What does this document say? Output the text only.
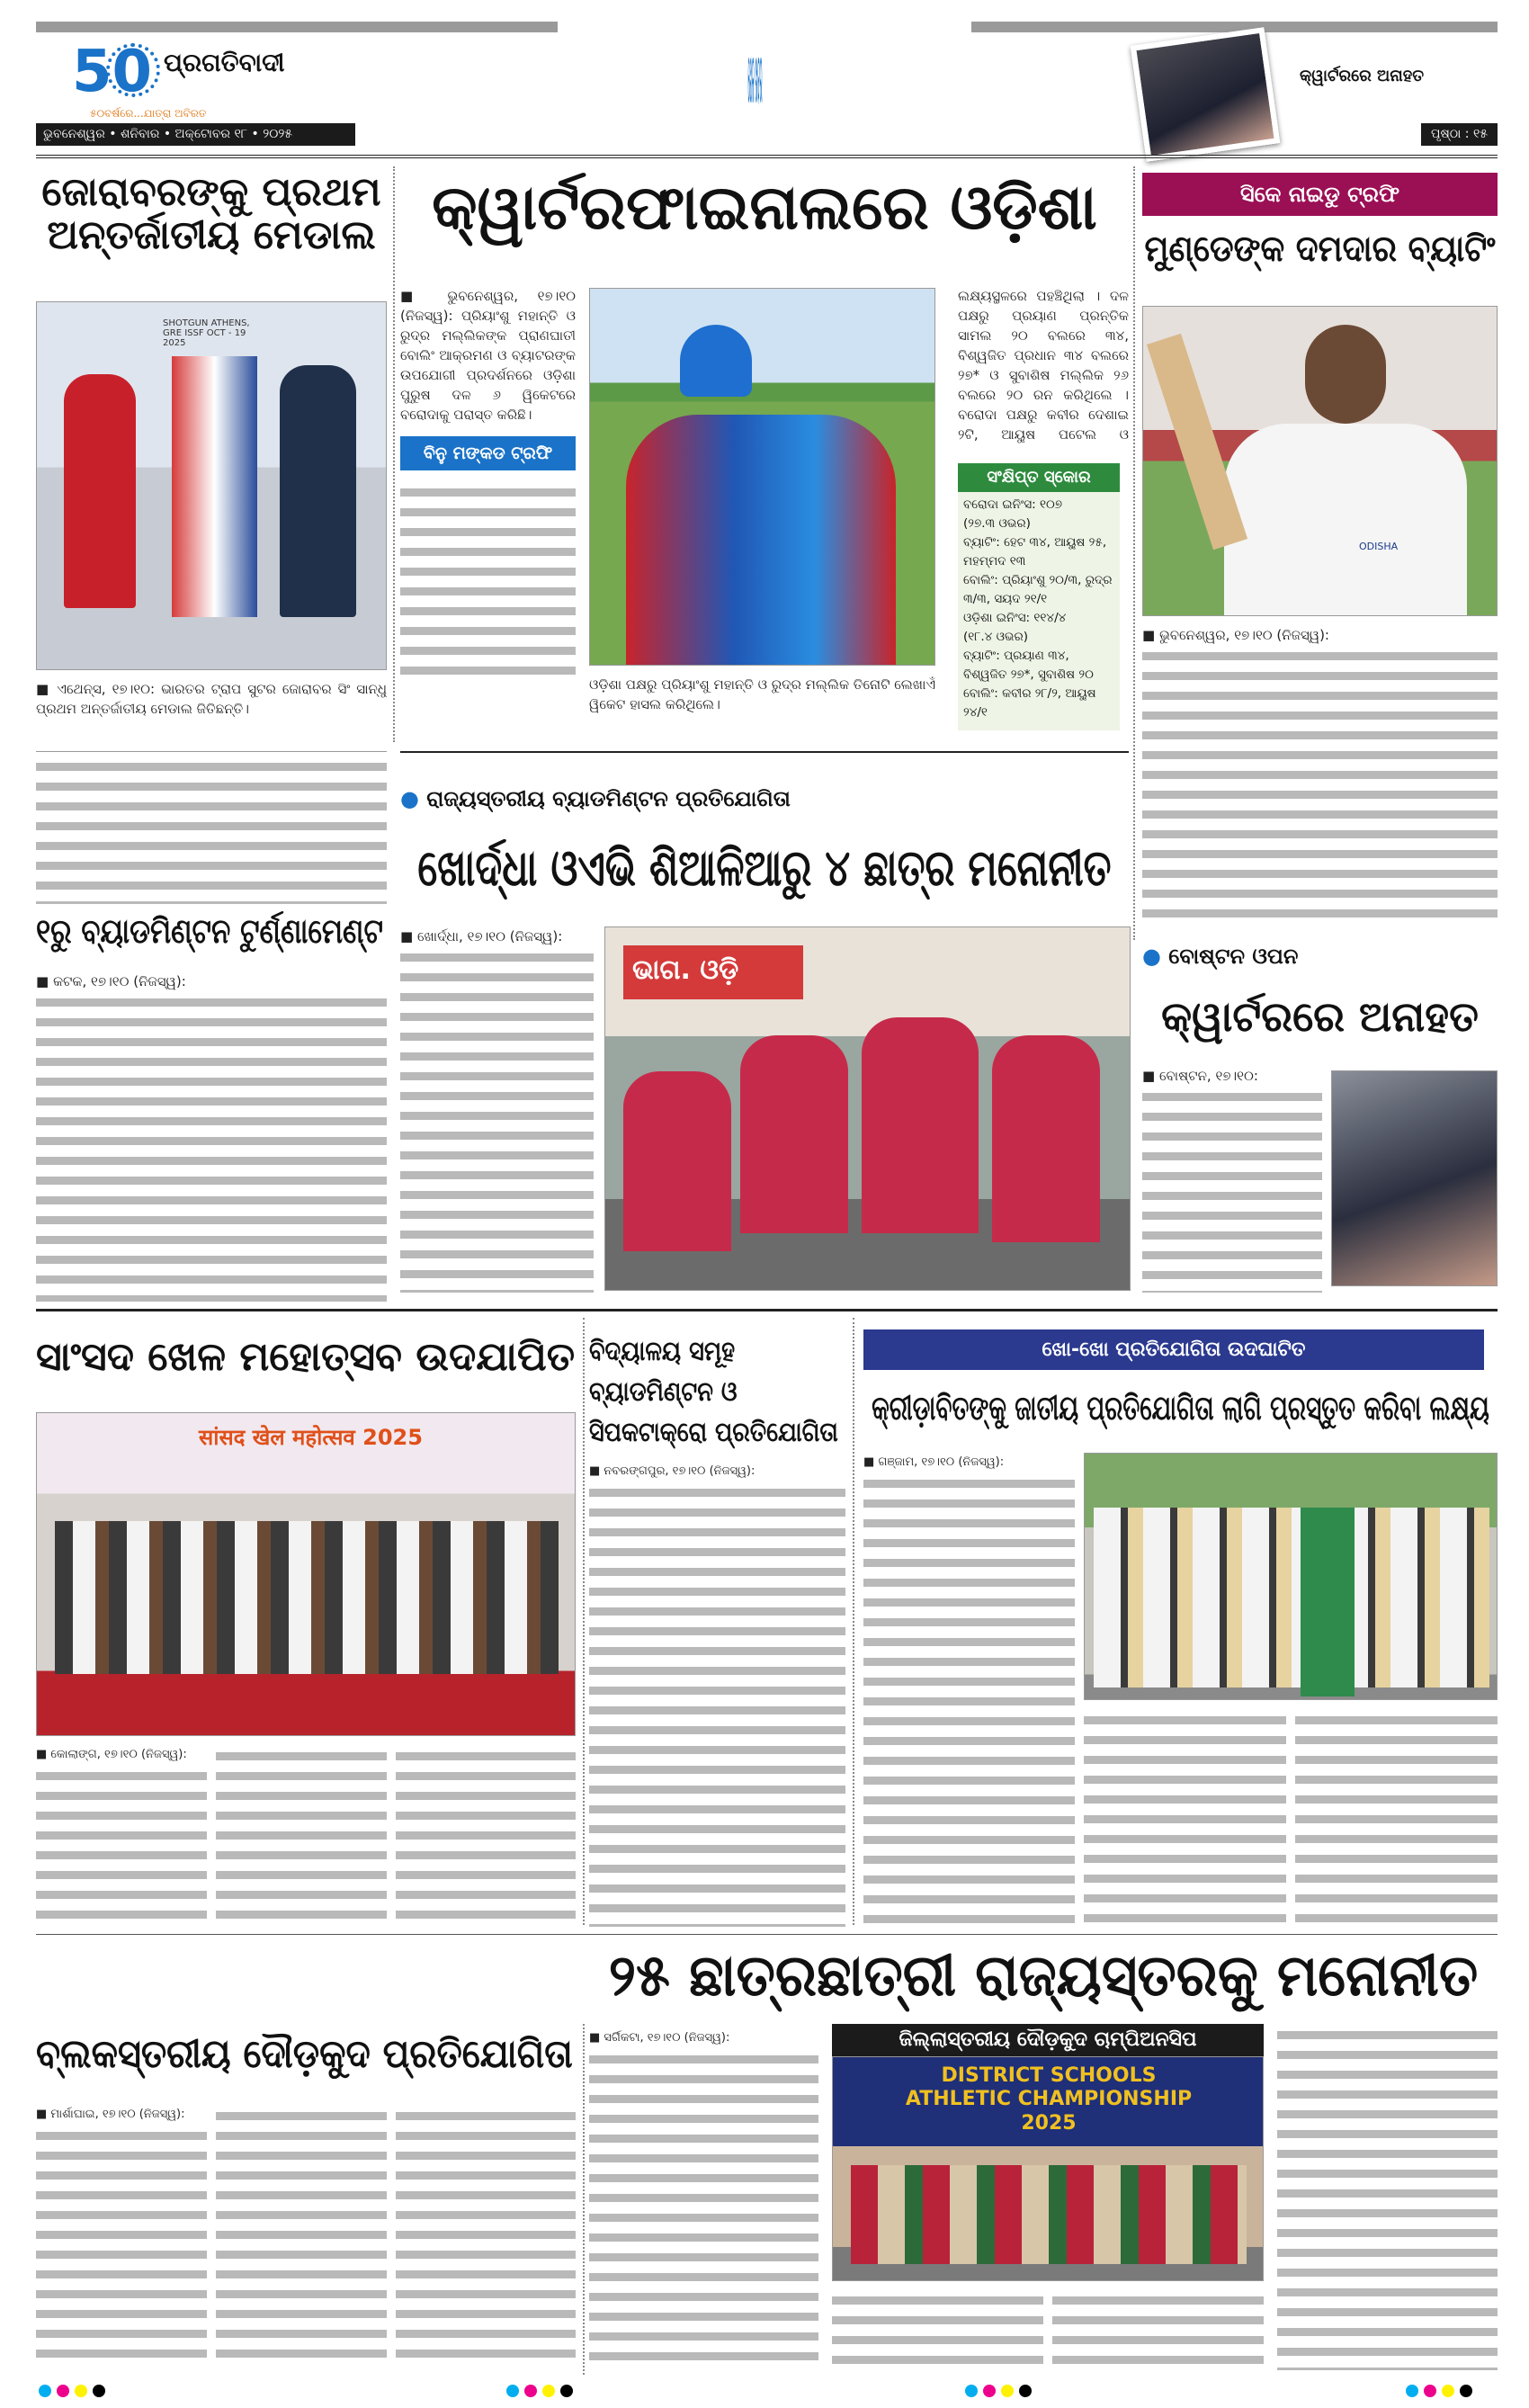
50 ପ୍ରଗତିବାଦୀ
୫୦ବର୍ଷରେ...ଯାତ୍ରା ଅବିରତ
ଭୁବନେଶ୍ୱର • ଶନିବାର • ଅକ୍ଟୋବର ୧୮ • ୨୦୨୫
ଖେଳ ଖବର	କ୍ୱାର୍ଟରରେ ଅନାହତ
ପୃଷ୍ଠା : ୧୫
ଜୋରାବରଙ୍କୁ ପ୍ରଥମ ଅନ୍ତର୍ଜାତୀୟ ମେଡାଲ
SHOTGUN ATHENS, GRE ISSF OCT - 19 2025
■ ଏଥେନ୍ସ, ୧୭।୧୦: ଭାରତର ଟ୍ରାପ ସୁଟର ଜୋରାବର ସିଂ ସାନ୍ଧୁ ପ୍ରଥମ ଅନ୍ତର୍ଜାତୀୟ ମେଡାଲ ଜିତିଛନ୍ତି।
କ୍ୱାର୍ଟରଫାଇନାଲରେ ଓଡ଼ିଶା
■ ଭୁବନେଶ୍ୱର, ୧୭।୧୦ (ନିଜସ୍ୱ): ପ୍ରିୟାଂଶୁ ମହାନ୍ତି ଓ ରୁଦ୍ର ମଲ୍ଲିକଙ୍କ ପ୍ରାଣଘାତୀ ବୋଲିଂ ଆକ୍ରମଣ ଓ ବ୍ୟାଟରଙ୍କ ଉପଯୋଗୀ ପ୍ରଦର୍ଶନରେ ଓଡ଼ିଶା ପୁରୁଷ ଦଳ ୬ ୱିକେଟରେ ବରୋଦାକୁ ପରାସ୍ତ କରିଛି।
ବିନୁ ମଙ୍କଡ ଟ୍ରଫି
ଓଡ଼ିଶା ପକ୍ଷରୁ ପ୍ରିୟାଂଶୁ ମହାନ୍ତି ଓ ରୁଦ୍ର ମଲ୍ଲିକ ତିନୋଟି ଲେଖାଏଁ ୱିକେଟ ହାସଲ କରିଥିଲେ।
ଲକ୍ଷ୍ୟସ୍ଥଳରେ ପହଞ୍ଚିଥିଲା । ଦଳ ପକ୍ଷରୁ ପ୍ରୟାଣ ପ୍ରନ୍ତିକ ସାମଲ ୨୦ ବଲରେ ୩୪, ବିଶ୍ୱଜିତ ପ୍ରଧାନ ୩୪ ବଲରେ ୨୭* ଓ ସୁବାଶିଷ ମଲ୍ଲିକ ୨୬ ବଲରେ ୨୦ ରନ କରିଥିଲେ । ବରୋଦା ପକ୍ଷରୁ କବୀର ଦେଶାଇ ୨ଟି, ଆୟୁଷ ପଟେଲ ଓ
ସଂକ୍ଷିପ୍ତ ସ୍କୋର
ବରୋଦା ଇନିଂସ: ୧୦୭
(୨୭.୩ ଓଭର)
ବ୍ୟାଟିଂ: ହେଟ ୩୪, ଆୟୁଷ ୨୫, ମହମ୍ମଦ ୧୩
ବୋଲିଂ: ପ୍ରିୟାଂଶୁ ୨୦/୩, ରୁଦ୍ର ୩/୩, ସୟଦ ୨୧/୧
ଓଡ଼ିଶା ଇନିଂସ: ୧୧୪/୪
(୧୮.୪ ଓଭର)
ବ୍ୟାଟିଂ: ପ୍ରୟାଣ ୩୪, ବିଶ୍ୱଜିତ ୨୭*, ସୁବାଶିଷ ୨୦
ବୋଲିଂ: କବୀର ୨୮/୨, ଆୟୁଷ ୨୪/୧
ସିକେ ନାଇଡୁ ଟ୍ରଫି
ମୁଣ୍ଡେଙ୍କ ଦମଦାର ବ୍ୟାଟିଂ
ODISHA
■ ଭୁବନେଶ୍ୱର, ୧୭।୧୦ (ନିଜସ୍ୱ):
୧ରୁ ବ୍ୟାଡମିଣ୍ଟନ ଟୁର୍ଣ୍ଣାମେଣ୍ଟ
■ କଟକ, ୧୭।୧୦ (ନିଜସ୍ୱ):
● ରାଜ୍ୟସ୍ତରୀୟ ବ୍ୟାଡମିଣ୍ଟନ ପ୍ରତିଯୋଗିତା
ଖୋର୍ଦ୍ଧା ଓଏଭି ଶିଆଳିଆରୁ ୪ ଛାତ୍ର ମନୋନୀତ
■ ଖୋର୍ଦ୍ଧା, ୧୭।୧୦ (ନିଜସ୍ୱ):
ଭାଗ. ଓଡ଼ି	● ବୋଷ୍ଟନ ଓପନ
କ୍ୱାର୍ଟରରେ ଅନାହତ
■ ବୋଷ୍ଟନ, ୧୭।୧୦:
ସାଂସଦ ଖେଳ ମହୋତ୍ସବ ଉଦଯାପିତ
सांसद खेल महोत्सव 2025
■ କୋଲାଙ୍ଗ, ୧୭।୧୦ (ନିଜସ୍ୱ):
ବିଦ୍ୟାଳୟ ସମୂହ ବ୍ୟାଡମିଣ୍ଟନ ଓ ସିପକଟାକ୍ରୋ ପ୍ରତିଯୋଗିତା
■ ନବରଙ୍ଗପୁର, ୧୭।୧୦ (ନିଜସ୍ୱ):
ଖୋ-ଖୋ ପ୍ରତିଯୋଗିତା ଉଦଘାଟିତ
କ୍ରୀଡ଼ାବିତଙ୍କୁ ଜାତୀୟ ପ୍ରତିଯୋଗିତା ଲାଗି ପ୍ରସ୍ତୁତ କରିବା ଲକ୍ଷ୍ୟ
■ ଗଞ୍ଜାମ, ୧୭।୧୦ (ନିଜସ୍ୱ):
୨୫ ଛାତ୍ରଛାତ୍ରୀ ରାଜ୍ୟସ୍ତରକୁ ମନୋନୀତ
ବ୍ଲକସ୍ତରୀୟ ଦୌଡ଼କୁଦ ପ୍ରତିଯୋଗିତା
■ ମାର୍ଶାଘାଇ, ୧୭।୧୦ (ନିଜସ୍ୱ):
■ ସର୍ଗିକଟା, ୧୭।୧୦ (ନିଜସ୍ୱ):	ଜିଲ୍ଲାସ୍ତରୀୟ ଦୌଡ଼କୁଦ ଚାମ୍ପିଅନସିପ
DISTRICT SCHOOLS ATHLETIC CHAMPIONSHIP 2025
